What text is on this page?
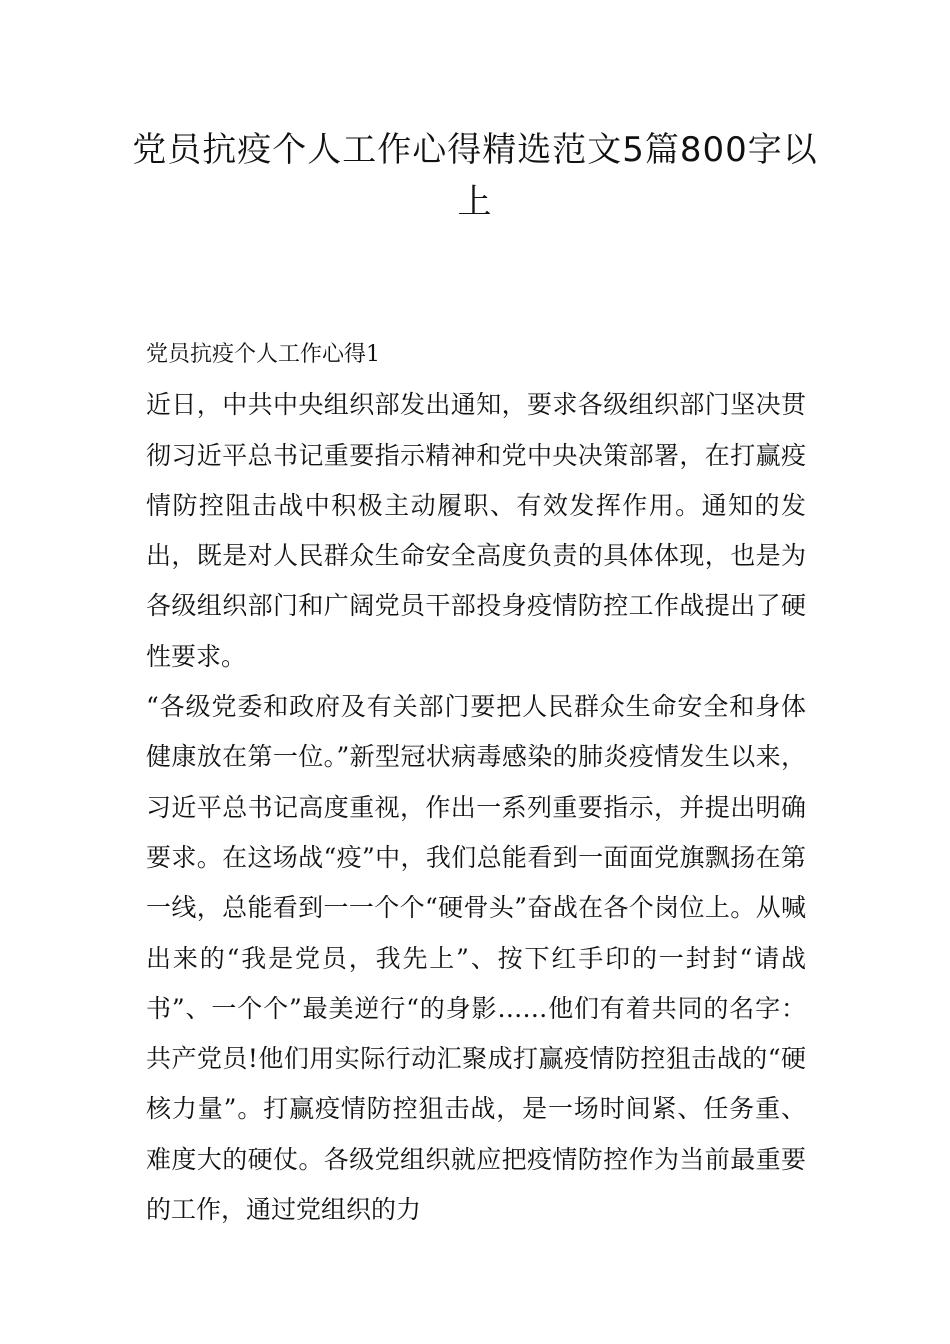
党员抗疫个人工作心得精选范文5篇800字以上

党员抗疫个人工作心得1

近日，中共中央组织部发出通知，要求各级组织部门坚决贯彻习近平总书记重要指示精神和党中央决策部署，在打赢疫情防控阻击战中积极主动履职、有效发挥作用。通知的发出，既是对人民群众生命安全高度负责的具体体现，也是为各级组织部门和广阔党员干部投身疫情防控工作战提出了硬性要求。

“各级党委和政府及有关部门要把人民群众生命安全和身体健康放在第一位。”新型冠状病毒感染的肺炎疫情发生以来，习近平总书记高度重视，作出一系列重要指示，并提出明确要求。在这场战“疫”中，我们总能看到一面面党旗飘扬在第一线，总能看到一一个个“硬骨头”奋战在各个岗位上。从喊出来的“我是党员，我先上”、按下红手印的一封封“请战书”、一个个”最美逆行“的身影……他们有着共同的名字：共产党员!他们用实际行动汇聚成打赢疫情防控狙击战的“硬核力量”。打赢疫情防控狙击战，是一场时间紧、任务重、难度大的硬仗。各级党组织就应把疫情防控作为当前最重要的工作，通过党组织的力
